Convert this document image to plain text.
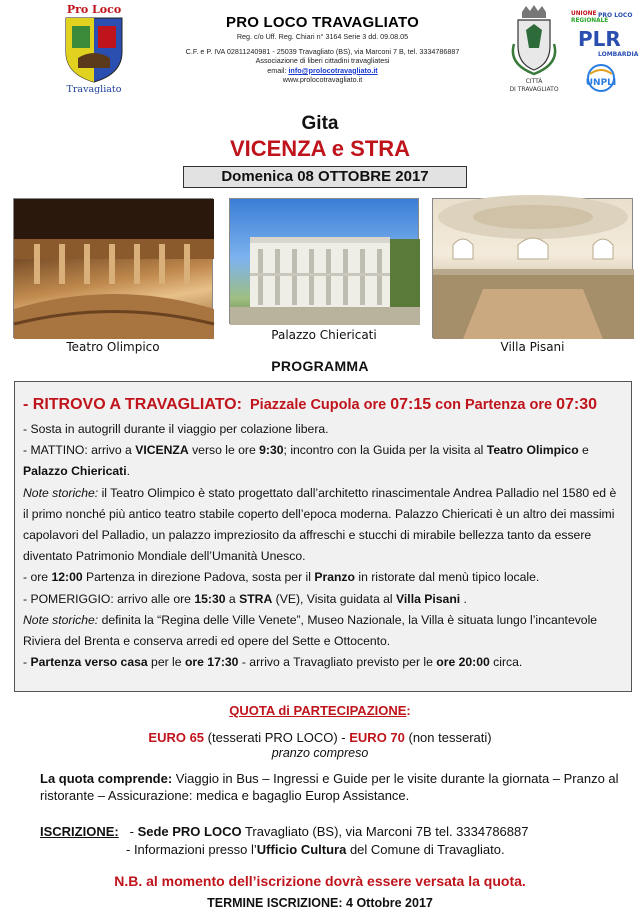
Pro Loco
Travagliato
PRO LOCO TRAVAGLIATO
Reg. c/o Uff. Reg. Chiari n° 3164 Serie 3 dd. 09.08.05
C.F. e P. IVA 02811240981 - 25039 Travagliato (BS), via Marconi 7 B, tel. 3334786887
Associazione di liberi cittadini travagliatesi
email: info@prolocotravagliato.it
www.prolocotravagliato.it	CITTÀ
DI TRAVAGLIATO
UNIONE
REGIONALE
PRO LOCO
LOMBARDIA
PLR
UNPLI
Gita
VICENZA e STRA
Domenica 08 OTTOBRE 2017
Teatro Olimpico
Palazzo Chiericati
Villa Pisani
PROGRAMMA

- RITROVO A TRAVAGLIATO: Piazzale Cupola ore 07:15 con Partenza ore 07:30

- Sosta in autogrill durante il viaggio per colazione libera.

- MATTINO: arrivo a VICENZA verso le ore 9:30; incontro con la Guida per la visita al Teatro Olimpico e Palazzo Chiericati.

Note storiche: il Teatro Olimpico è stato progettato dall’architetto rinascimentale Andrea Palladio nel 1580 ed è il primo nonché più antico teatro stabile coperto dell’epoca moderna. Palazzo Chiericati è un altro dei massimi capolavori del Palladio, un palazzo impreziosito da affreschi e stucchi di mirabile bellezza tanto da essere diventato Patrimonio Mondiale dell’Umanità Unesco.

- ore 12:00 Partenza in direzione Padova, sosta per il Pranzo in ristorate dal menù tipico locale.

- POMERIGGIO: arrivo alle ore 15:30 a STRA (VE), Visita guidata al Villa Pisani .

Note storiche: definita la “Regina delle Ville Venete”, Museo Nazionale, la Villa è situata lungo l’incantevole Riviera del Brenta e conserva arredi ed opere del Sette e Ottocento.

- Partenza verso casa per le ore 17:30 - arrivo a Travagliato previsto per le ore 20:00 circa.

QUOTA di PARTECIPAZIONE:
EURO 65 (tesserati PRO LOCO) - EURO 70 (non tesserati)
pranzo compreso
La quota comprende: Viaggio in Bus – Ingressi e Guide per le visite durante la giornata – Pranzo al ristorante – Assicurazione: medica e bagaglio Europ Assistance.
ISCRIZIONE: - Sede PRO LOCO Travagliato (BS), via Marconi 7B tel. 3334786887
- Informazioni presso l’Ufficio Cultura del Comune di Travagliato.
N.B. al momento dell’iscrizione dovrà essere versata la quota.
TERMINE ISCRIZIONE: 4 Ottobre 2017
